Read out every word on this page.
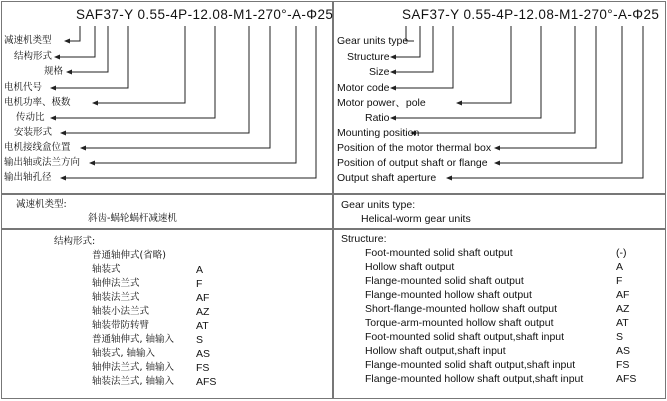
SAF37-Y 0.55-4P-12.08-M1-270°-A-Φ25
减速机类型
结构形式
规格
电机代号
电机功率、极数
传动比
安装形式
电机接线盒位置
输出轴或法兰方向
输出轴孔径
SAF37-Y 0.55-4P-12.08-M1-270°-A-Φ25
Gear units type
Structure
Size
Motor code
Motor power、pole
Ratio
Mounting position
Position of the motor thermal box
Position of output shaft or flange
Output shaft aperture
减速机类型:
斜齿-蜗轮蜗杆减速机
Gear units type:
Helical-worm gear units
结构形式:
普通轴伸式(省略)
轴装式
轴伸法兰式
轴装法兰式
轴装小法兰式
轴装带防转臂
普通轴伸式, 轴输入
轴装式, 轴输入
轴伸法兰式, 轴输入
轴装法兰式, 轴输入
A
F
AF
AZ
AT
S
AS
FS
AFS
Structure:
Foot-mounted solid shaft output
Hollow shaft output
Flange-mounted solid shaft output
Flange-mounted hollow shaft output
Short-flange-mounted hollow shaft output
Torque-arm-mounted hollow shaft output
Foot-mounted solid shaft output,shaft input
Hollow shaft output,shaft input
Flange-mounted solid shaft output,shaft input
Flange-mounted hollow shaft output,shaft input
(-)
A
F
AF
AZ
AT
S
AS
FS
AFS
